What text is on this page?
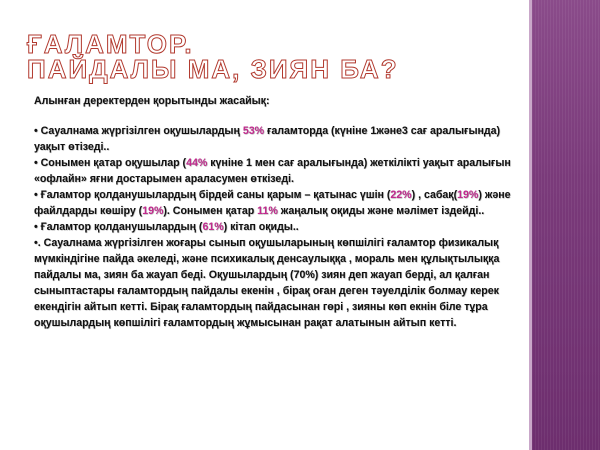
ҒАЛАМТОР.
ПАЙДАЛЫ МА, ЗИЯН БА?

Алынған деректерден қорытынды жасайық:

• Сауалнама жүргізілген оқушылардың 53% ғаламторда (күніне 1және3 сағ аралығында) уақыт өтізеді..

• Сонымен қатар оқушылар (44% күніне 1 мен сағ аралығында) жеткілікті уақыт аралығын «офлайн» яғни достарымен араласумен өткізеді.

• Ғаламтор қолданушылардың бірдей саны қарым – қатынас үшін (22%) , сабақ(19%) және файлдарды көшіру (19%). Сонымен қатар 11% жаңалық оқиды және мәлімет іздейді..

• Ғаламтор қолданушылардың (61%) кітап оқиды..

•. Сауалнама жүргізілген жоғары сынып оқушыларының көпшілігі ғаламтор физикалық мүмкіндігіне пайда әкеледі, және психикалық денсаулыққа , мораль мен құлықтылыққа пайдалы ма, зиян ба жауап беді. Оқушылардың (70%) зиян деп жауап берді, ал қалған сыныптастары ғаламтордың пайдалы екенін , бірақ оған деген тәуелділік болмау керек екендігін айтып кетті. Бірақ ғаламтордың пайдасынан гөрі , зияны көп екнін біле тұра оқушылардың көпшілігі ғаламтордың жұмысынан рақат алатынын айтып кетті.
